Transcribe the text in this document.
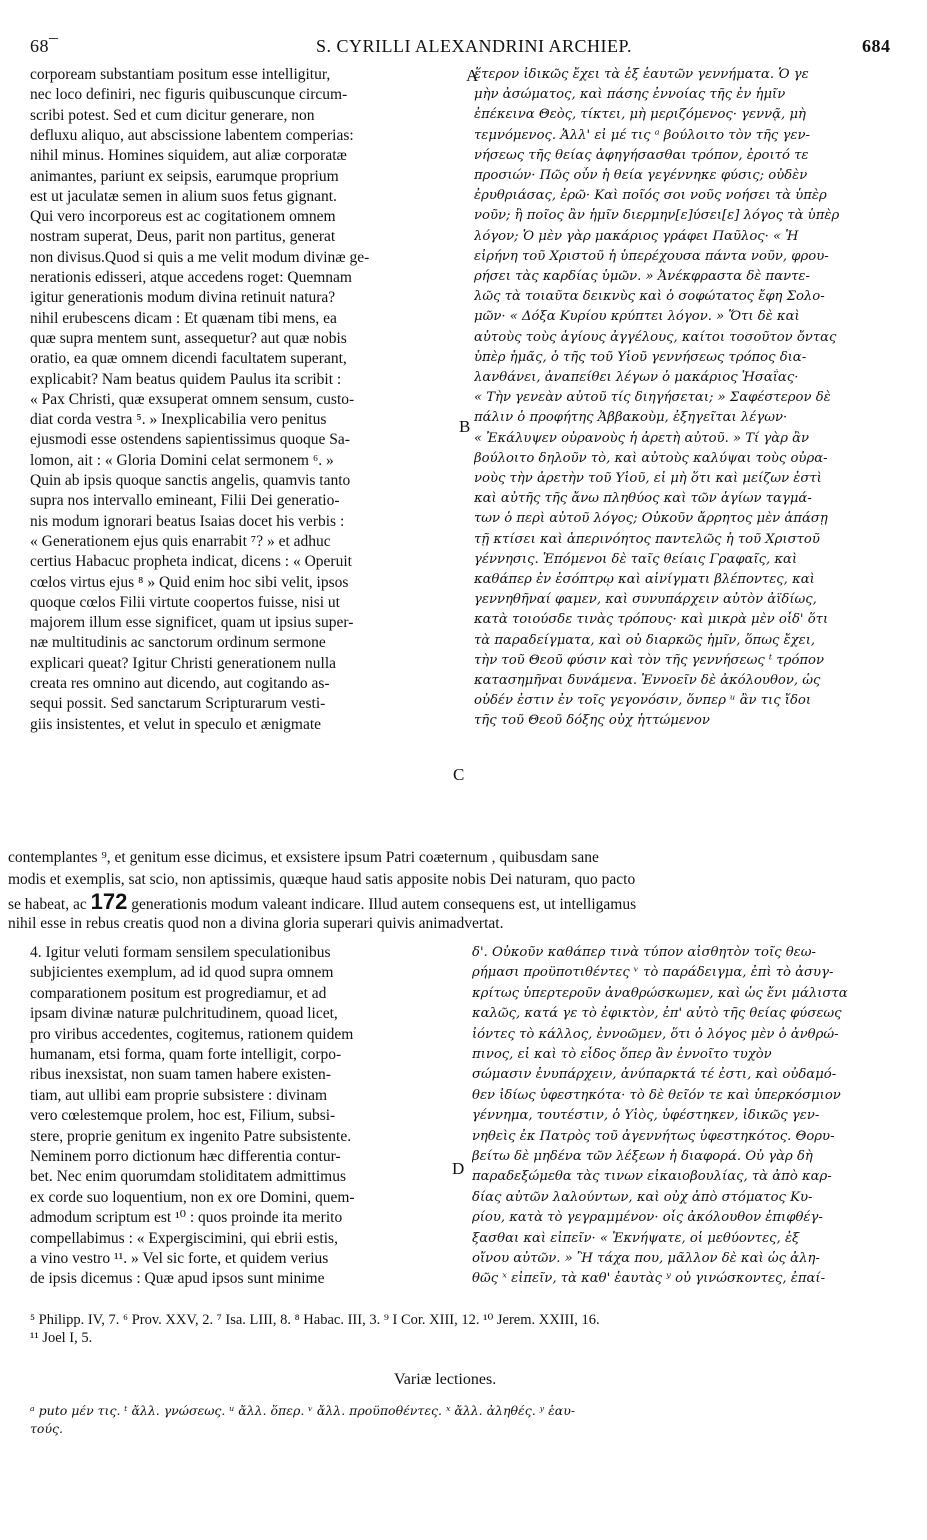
68¯	S. CYRILLI ALEXANDRINI ARCHIEP.	684
corpoream substantiam positum esse intelligitur,
nec loco definiri, nec figuris quibuscunque circum-
scribi potest. Sed et cum dicitur generare, non
defluxu aliquo, aut abscissione labentem comperias:
nihil minus. Homines siquidem, aut aliæ corporatæ
animantes, pariunt ex seipsis, earumque proprium
est ut jaculatæ semen in alium suos fetus gignant.
Qui vero incorporeus est ac cogitationem omnem
nostram superat, Deus, parit non partitus, generat
non divisus.Quod si quis a me velit modum divinæ ge-
nerationis edisseri, atque accedens roget: Quemnam
igitur generationis modum divina retinuit natura?
nihil erubescens dicam : Et quænam tibi mens, ea
quæ supra mentem sunt, assequetur? aut quæ nobis
oratio, ea quæ omnem dicendi facultatem superant,
explicabit? Nam beatus quidem Paulus ita scribit :
« Pax Christi, quæ exsuperat omnem sensum, custo-
diat corda vestra ⁵. » Inexplicabilia vero penitus
ejusmodi esse ostendens sapientissimus quoque Sa-
lomon, ait : « Gloria Domini celat sermonem ⁶. »
Quin ab ipsis quoque sanctis angelis, quamvis tanto
supra nos intervallo emineant, Filii Dei generatio-
nis modum ignorari beatus Isaias docet his verbis :
« Generationem ejus quis enarrabit ⁷? » et adhuc
certius Habacuc propheta indicat, dicens : « Operuit
cœlos virtus ejus ⁸ » Quid enim hoc sibi velit, ipsos
quoque cœlos Filii virtute coopertos fuisse, nisi ut
majorem illum esse significet, quam ut ipsius super-
næ multitudinis ac sanctorum ordinum sermone
explicari queat? Igitur Christi generationem nulla
creata res omnino aut dicendo, aut cogitando as-
sequi possit. Sed sanctarum Scripturarum vesti-
giis insistentes, et velut in speculo et ænigmate
ἕτερον ἰδικῶς ἔχει τὰ ἐξ ἑαυτῶν γεννήματα. Ὁ γε
μὴν ἀσώματος, καὶ πάσης ἐννοίας τῆς ἐν ἡμῖν
ἐπέκεινα Θεὸς, τίκτει, μὴ μεριζόμενος· γεννᾷ, μὴ
τεμνόμενος. Ἀλλ' εἰ μέ τις ᵃ βούλοιτο τὸν τῆς γεν-
νήσεως τῆς θείας ἀφηγήσασθαι τρόπον, ἐροιτό τε
προσιών· Πῶς οὖν ἡ θεία γεγέννηκε φύσις; οὐδὲν
ἐρυθριάσας, ἐρῶ· Καὶ ποῖός σοι νοῦς νοήσει τὰ ὑπὲρ
νοῦν; ἢ ποῖος ἂν ἡμῖν διερμην[ε]ύσει[ε] λόγος τὰ ὑπὲρ
λόγον; Ὁ μὲν γὰρ μακάριος γράφει Παῦλος· « Ἡ
εἰρήνη τοῦ Χριστοῦ ἡ ὑπερέχουσα πάντα νοῦν, φρου-
ρήσει τὰς καρδίας ὑμῶν. » Ἀνέκφραστα δὲ παντε-
λῶς τὰ τοιαῦτα δεικνὺς καὶ ὁ σοφώτατος ἔφη Σολο-
μῶν· « Δόξα Κυρίου κρύπτει λόγον. » Ὅτι δὲ καὶ
αὐτοὺς τοὺς ἁγίους ἀγγέλους, καίτοι τοσοῦτον ὄντας
ὑπὲρ ἡμᾶς, ὁ τῆς τοῦ Υἱοῦ γεννήσεως τρόπος δια-
λανθάνει, ἀναπείθει λέγων ὁ μακάριος Ἡσαΐας·
« Τὴν γενεὰν αὐτοῦ τίς διηγήσεται; » Σαφέστερον δὲ
πάλιν ὁ προφήτης Ἀββακοὺμ, ἐξηγεῖται λέγων·
« Ἐκάλυψεν οὐρανοὺς ἡ ἀρετὴ αὐτοῦ. » Τί γὰρ ἂν
βούλοιτο δηλοῦν τὸ, καὶ αὐτοὺς καλύψαι τοὺς οὐρα-
νοὺς τὴν ἀρετὴν τοῦ Υἱοῦ, εἰ μὴ ὅτι καὶ μείζων ἐστὶ
καὶ αὐτῆς τῆς ἄνω πληθύος καὶ τῶν ἁγίων ταγμά-
των ὁ περὶ αὐτοῦ λόγος; Οὐκοῦν ἄρρητος μὲν ἁπάσῃ
τῇ κτίσει καὶ ἀπερινόητος παντελῶς ἡ τοῦ Χριστοῦ
γέννησις. Ἑπόμενοι δὲ ταῖς θείαις Γραφαῖς, καὶ
καθάπερ ἐν ἐσόπτρῳ καὶ αἰνίγματι βλέποντες, καὶ
γεννηθῆναί φαμεν, καὶ συνυπάρχειν αὐτὸν ἀϊδίως,
κατὰ τοιούσδε τινὰς τρόπους· καὶ μικρὰ μὲν οἶδ' ὅτι
τὰ παραδείγματα, καὶ οὐ διαρκῶς ἡμῖν, ὅπως ἔχει,
τὴν τοῦ Θεοῦ φύσιν καὶ τὸν τῆς γεννήσεως ᵗ τρόπον
κατασημῆναι δυνάμενα. Ἐννοεῖν δὲ ἀκόλουθον, ὡς
οὐδέν ἐστιν ἐν τοῖς γεγονόσιν, ὅνπερ ᵘ ἂν τις ἴδοι
τῆς τοῦ Θεοῦ δόξης οὐχ ἡττώμενον
contemplantes ⁹, et genitum esse dicimus, et exsistere ipsum Patri coæternum , quibusdam sane
modis et exemplis, sat scio, non aptissimis, quæque haud satis apposite nobis Dei naturam, quo pacto
nihil esse in rebus creatis quod non a divina gloria superari quivis animadvertat.
4. Igitur veluti formam sensilem speculationibus
subjicientes exemplum, ad id quod supra omnem
comparationem positum est progrediamur, et ad
ipsam divinæ naturæ pulchritudinem, quoad licet,
pro viribus accedentes, cogitemus, rationem quidem
humanam, etsi forma, quam forte intelligit, corpo-
ribus inexsistat, non suam tamen habere existen-
tiam, aut ullibi eam proprie subsistere : divinam
vero cœlestemque prolem, hoc est, Filium, subsi-
stere, proprie genitum ex ingenito Patre subsistente.
Neminem porro dictionum hæc differentia contur-
bet. Nec enim quorumdam stoliditatem admittimus
ex corde suo loquentium, non ex ore Domini, quem-
admodum scriptum est ¹⁰ : quos proinde ita merito
compellabimus : « Expergiscimini, qui ebrii estis,
a vino vestro ¹¹. » Vel sic forte, et quidem verius
de ipsis dicemus : Quæ apud ipsos sunt minime
δ'. Οὐκοῦν καθάπερ τινὰ τύπον αἰσθητὸν τοῖς θεω-
ρήμασι προϋποτιθέντες ᵛ τὸ παράδειγμα, ἐπὶ τὸ ἀσυγ-
κρίτως ὑπερτεροῦν ἀναθρώσκωμεν, καὶ ὡς ἔνι μάλιστα
καλῶς, κατά γε τὸ ἐφικτὸν, ἐπ' αὐτὸ τῆς θείας φύσεως
ἰόντες τὸ κάλλος, ἐννοῶμεν, ὅτι ὁ λόγος μὲν ὁ ἀνθρώ-
πινος, εἰ καὶ τὸ εἶδος ὅπερ ἂν ἐννοῖτο τυχὸν
σώμασιν ἐνυπάρχειν, ἀνύπαρκτά τέ ἐστι, καὶ οὐδαμό-
θεν ἰδίως ὑφεστηκότα· τὸ δὲ θεῖόν τε καὶ ὑπερκόσμιον
γέννημα, τουτέστιν, ὁ Υἱὸς, ὑφέστηκεν, ἰδικῶς γεν-
νηθεὶς ἐκ Πατρὸς τοῦ ἀγεννήτως ὑφεστηκότος. Θορυ-
βείτω δὲ μηδένα τῶν λέξεων ἡ διαφορά. Οὐ γὰρ δὴ
παραδεξώμεθα τὰς τινων εἰκαιοβουλίας, τὰ ἀπὸ καρ-
δίας αὐτῶν λαλούντων, καὶ οὐχ ἀπὸ στόματος Κυ-
ρίου, κατὰ τὸ γεγραμμένον· οἷς ἀκόλουθον ἐπιφθέγ-
ξασθαι καὶ εἰπεῖν· « Ἐκνήψατε, οἱ μεθύοντες, ἐξ
οἴνου αὐτῶν. » Ἢ τάχα που, μᾶλλον δὲ καὶ ὡς ἀλη-
θῶς ˣ εἰπεῖν, τὰ καθ' ἑαυτὰς ʸ οὐ γινώσκοντες, ἐπαί-
se habeat, ac 172 generationis modum valeant indicare. Illud autem consequens est, ut intelligamus
A
B
C
D
⁵ Philipp. IV, 7. ⁶ Prov. XXV, 2. ⁷ Isa. LIII, 8. ⁸ Habac. III, 3. ⁹ I Cor. XIII, 12. ¹⁰ Jerem. XXIII, 16.
¹¹ Joel I, 5.
Variæ lectiones.
ᵃ puto μέν τις. ᵗ ἄλλ. γνώσεως. ᵘ ἄλλ. ὅπερ. ᵛ ἄλλ. προϋποθέντες. ˣ ἄλλ. ἀληθές. ʸ ἑαυ-
τούς.
